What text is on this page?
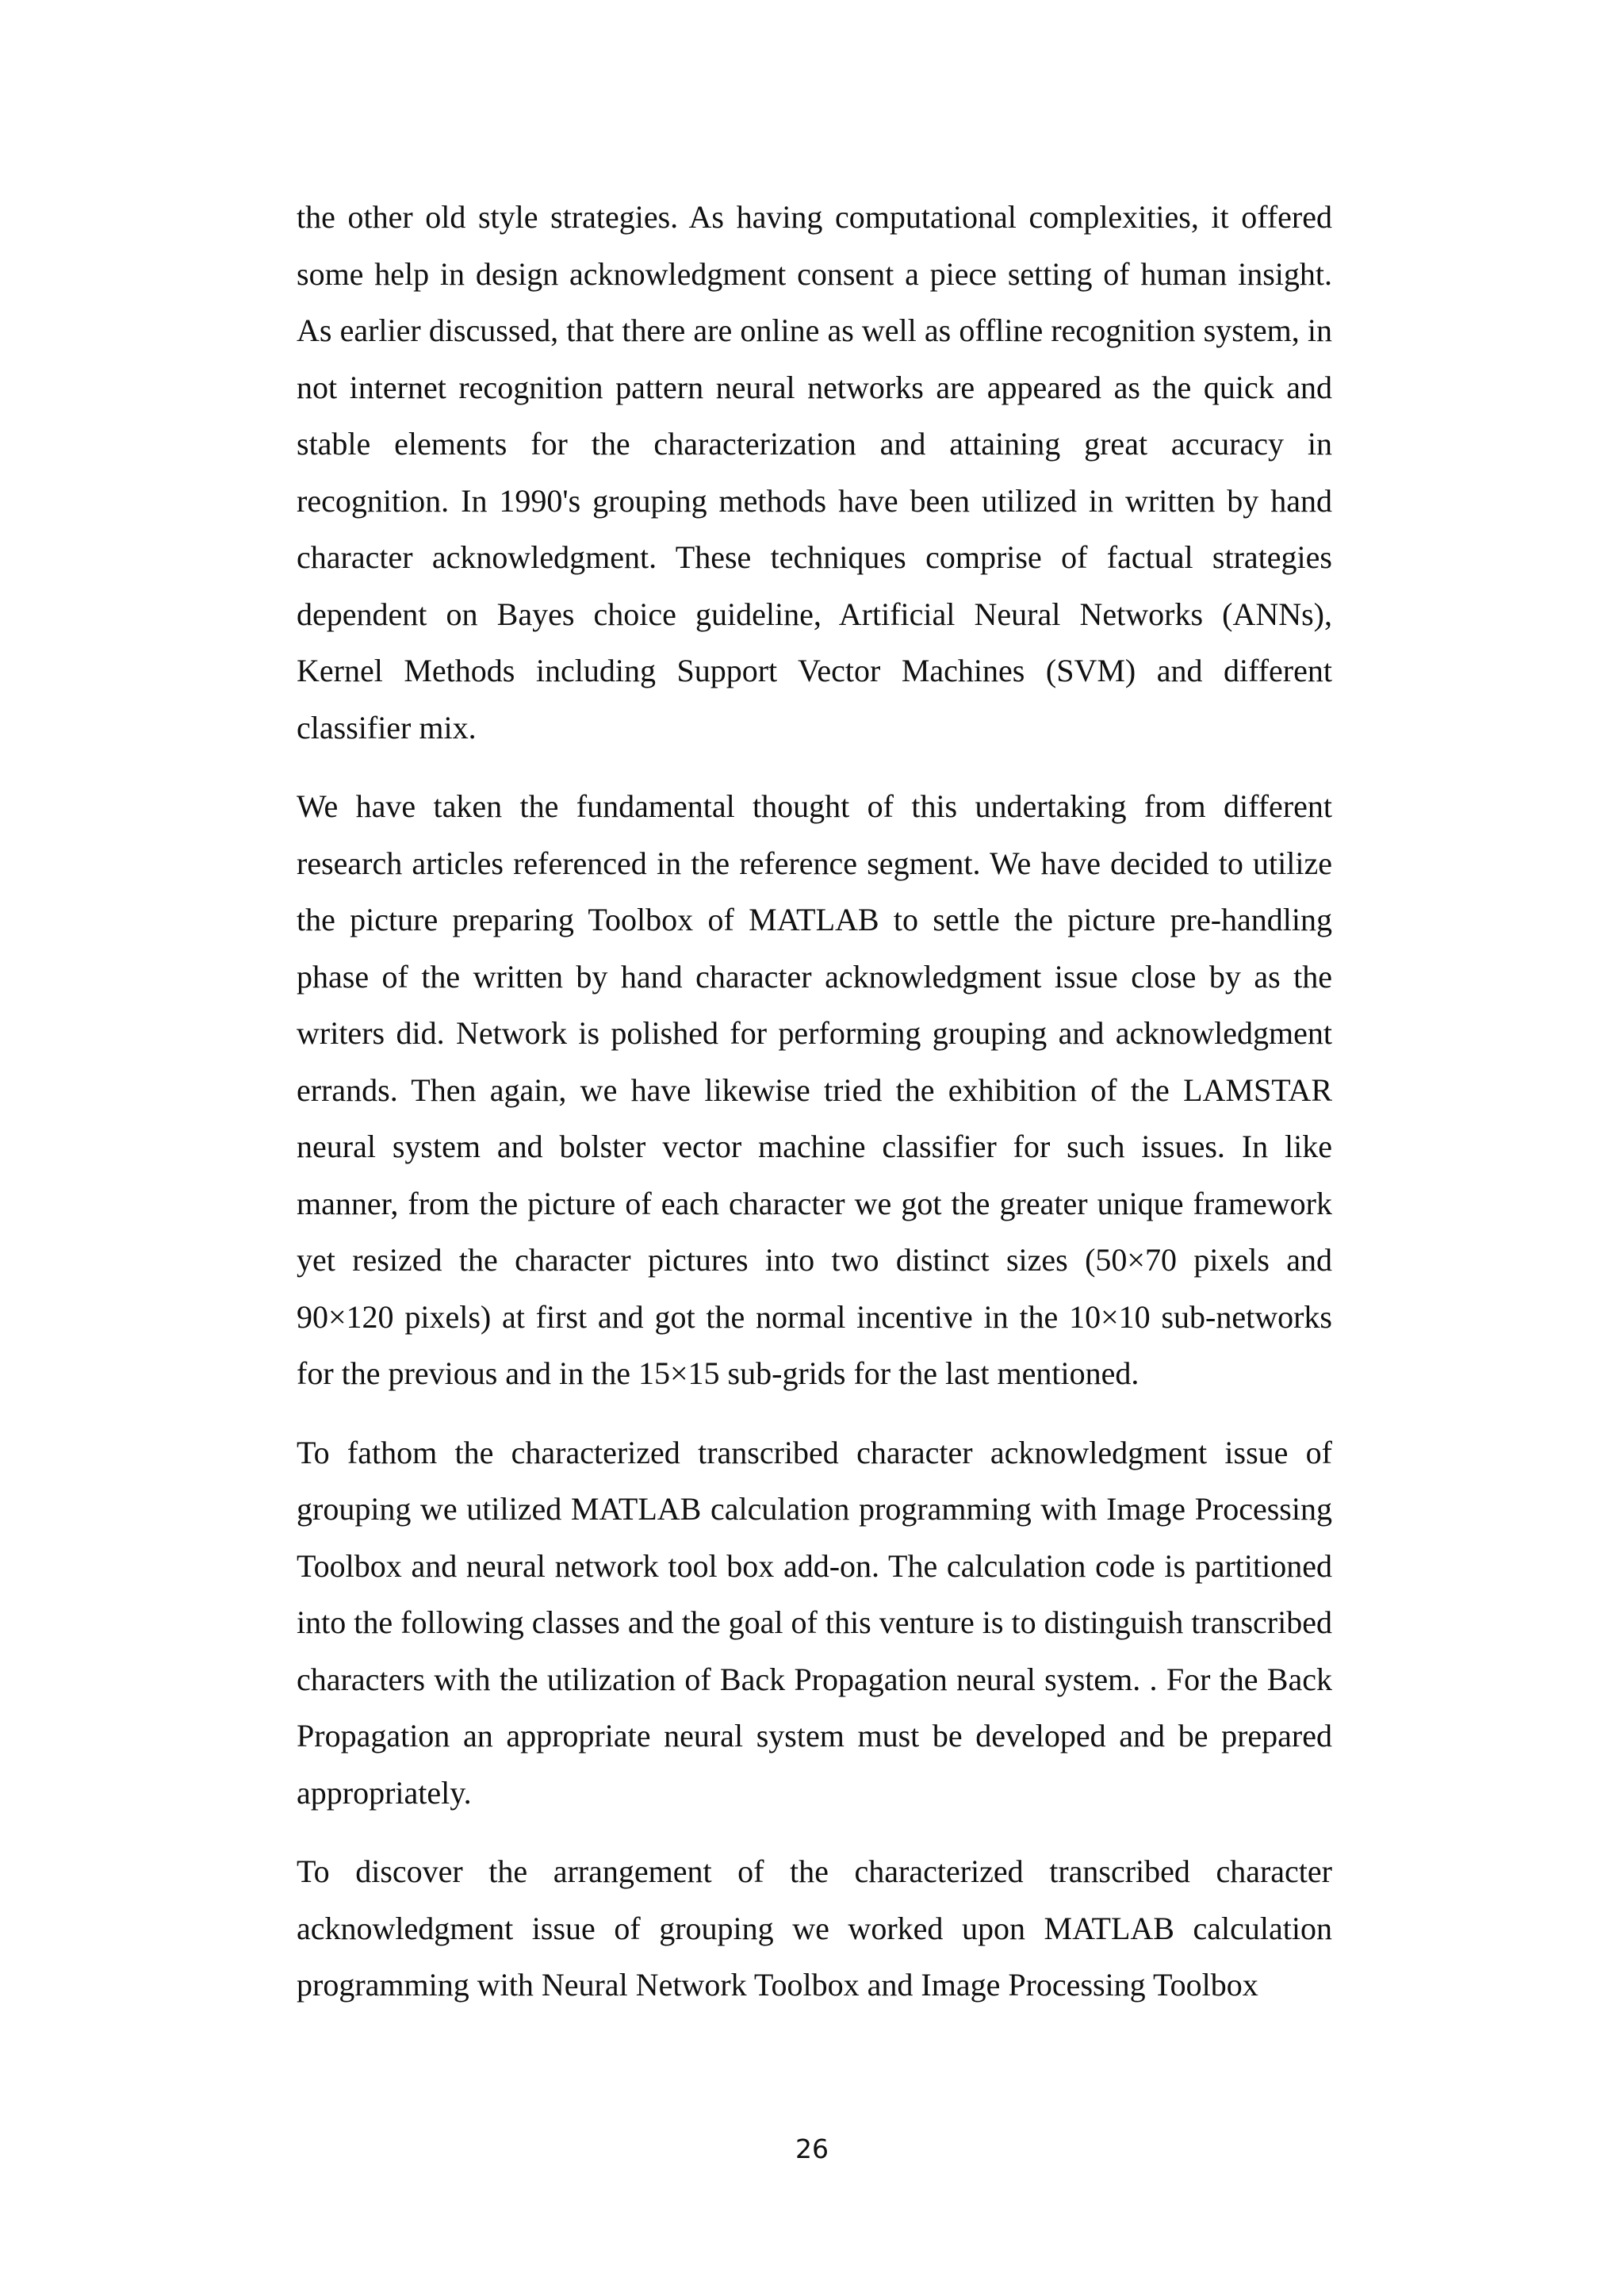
the other old style strategies. As having computational complexities, it offered some help in design acknowledgment consent a piece setting of human insight. As earlier discussed, that there are online as well as offline recognition system, in not internet recognition pattern neural networks are appeared as the quick and stable elements for the characterization and attaining great accuracy in recognition. In 1990's grouping methods have been utilized in written by hand character acknowledgment. These techniques comprise of factual strategies dependent on Bayes choice guideline, Artificial Neural Networks (ANNs), Kernel Methods including Support Vector Machines (SVM) and different classifier mix.

We have taken the fundamental thought of this undertaking from different research articles referenced in the reference segment. We have decided to utilize the picture preparing Toolbox of MATLAB to settle the picture pre-handling phase of the written by hand character acknowledgment issue close by as the writers did. Network is polished for performing grouping and acknowledgment errands. Then again, we have likewise tried the exhibition of the LAMSTAR neural system and bolster vector machine classifier for such issues. In like manner, from the picture of each character we got the greater unique framework yet resized the character pictures into two distinct sizes (50×70 pixels and 90×120 pixels) at first and got the normal incentive in the 10×10 sub-networks for the previous and in the 15×15 sub-grids for the last mentioned.

To fathom the characterized transcribed character acknowledgment issue of grouping we utilized MATLAB calculation programming with Image Processing Toolbox and neural network tool box add-on. The calculation code is partitioned into the following classes and the goal of this venture is to distinguish transcribed characters with the utilization of Back Propagation neural system. . For the Back Propagation an appropriate neural system must be developed and be prepared appropriately.

To discover the arrangement of the characterized transcribed character acknowledgment issue of grouping we worked upon MATLAB calculation programming with Neural Network Toolbox and Image Processing Toolbox

26
